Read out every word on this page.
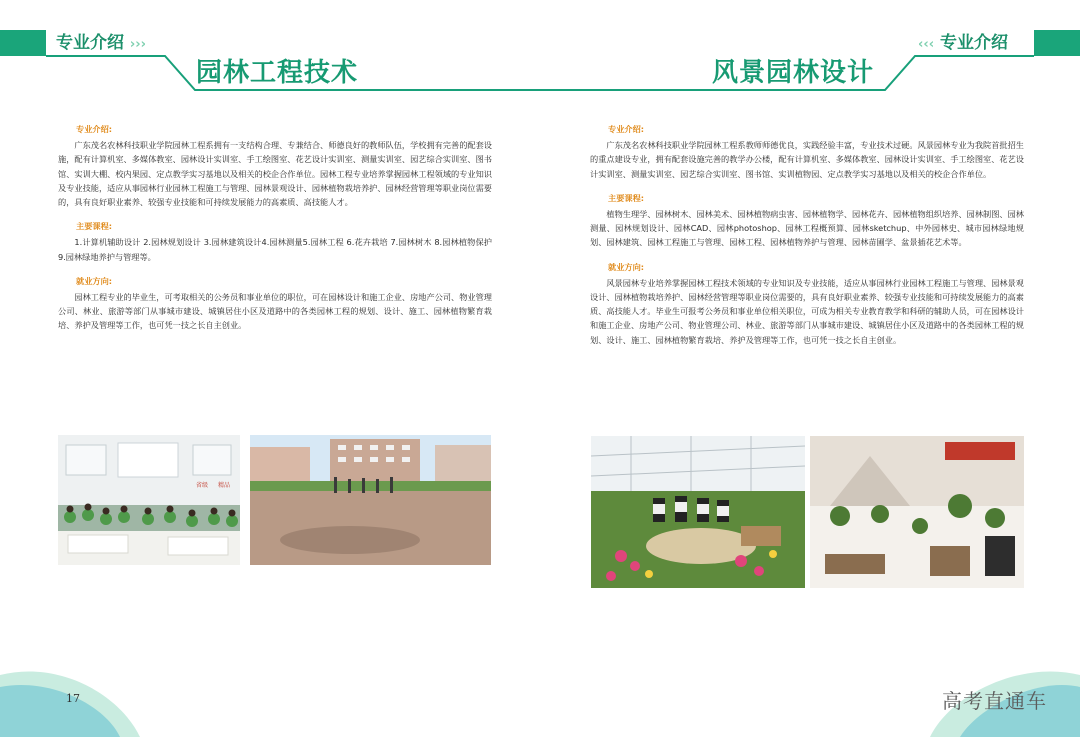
专业介绍 ›››
园林工程技术
专业介绍:
广东茂名农林科技职业学院园林工程系拥有一支结构合理、专兼结合、师德良好的教师队伍，学校拥有完善的配套设施，配有计算机室、多媒体教室、园林设计实训室、手工绘图室、花艺设计实训室、测量实训室、园艺综合实训室、图书馆、实训大棚、校内果园、定点教学实习基地以及相关的校企合作单位。园林工程专业培养掌握园林工程领域的专业知识及专业技能，适应从事园林行业园林工程施工与管理、园林景观设计、园林植物栽培养护、园林经营管理等职业岗位需要的，具有良好职业素养、较强专业技能和可持续发展能力的高素质、高技能人才。
主要课程:
1.计算机辅助设计 2.园林规划设计 3.园林建筑设计4.园林测量5.园林工程 6.花卉栽培 7.园林树木 8.园林植物保护 9.园林绿地养护与管理等。
就业方向:
园林工程专业的毕业生，可考取相关的公务员和事业单位的职位，可在园林设计和施工企业、房地产公司、物业管理公司、林业、旅游等部门从事城市建设、城镇居住小区及道路中的各类园林工程的规划、设计、施工、园林植物繁育栽培、养护及管理等工作，也可凭一技之长自主创业。
省级 精品
17
‹‹‹ 专业介绍
风景园林设计
专业介绍:
广东茂名农林科技职业学院园林工程系教师师德优良，实践经验丰富，专业技术过硬。风景园林专业为我院首批招生的重点建设专业，拥有配套设施完善的教学办公楼，配有计算机室、多媒体教室、园林设计实训室、手工绘图室、花艺设计实训室、测量实训室、园艺综合实训室、图书馆、实训植物园、定点教学实习基地以及相关的校企合作单位。
主要课程:
植物生理学、园林树木、园林美术、园林植物病虫害、园林植物学、园林花卉、园林植物组织培养、园林制图、园林测量、园林规划设计、园林CAD、园林photoshop、园林工程概预算、园林sketchup、中外园林史、城市园林绿地规划、园林建筑、园林工程施工与管理、园林工程、园林植物养护与管理、园林苗圃学、盆景插花艺术等。
就业方向:
风景园林专业培养掌握园林工程技术领域的专业知识及专业技能，适应从事园林行业园林工程施工与管理、园林景观设计、园林植物栽培养护、园林经营管理等职业岗位需要的，具有良好职业素养、较强专业技能和可持续发展能力的高素质、高技能人才。毕业生可报考公务员和事业单位相关职位，可成为相关专业教育教学和科研的辅助人员，可在园林设计和施工企业、房地产公司、物业管理公司、林业、旅游等部门从事城市建设、城镇居住小区及道路中的各类园林工程的规划、设计、施工、园林植物繁育栽培、养护及管理等工作，也可凭一技之长自主创业。
高考直通车
